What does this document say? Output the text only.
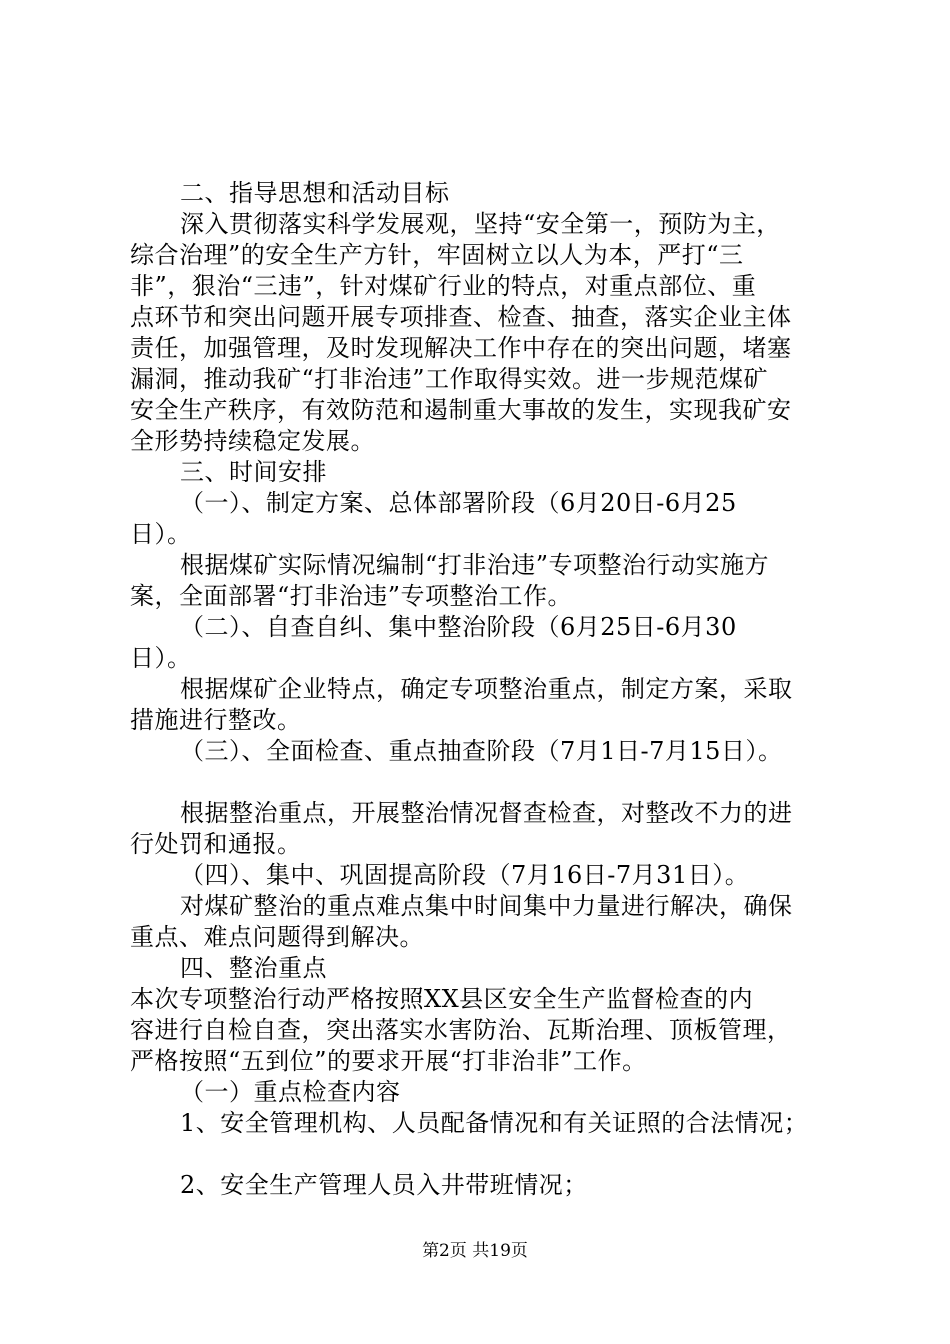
二、指导思想和活动目标
深入贯彻落实科学发展观，坚持“安全第一，预防为主，
综合治理”的安全生产方针，牢固树立以人为本，严打“三
非”，狠治“三违”，针对煤矿行业的特点，对重点部位、重
点环节和突出问题开展专项排查、检查、抽查，落实企业主体
责任，加强管理，及时发现解决工作中存在的突出问题，堵塞
漏洞，推动我矿“打非治违”工作取得实效。进一步规范煤矿
安全生产秩序，有效防范和遏制重大事故的发生，实现我矿安
全形势持续稳定发展。
三、时间安排
（一）、制定方案、总体部署阶段（6月20日-6月25
日）。
根据煤矿实际情况编制“打非治违”专项整治行动实施方
案，全面部署“打非治违”专项整治工作。
（二）、自查自纠、集中整治阶段（6月25日-6月30
日）。
根据煤矿企业特点，确定专项整治重点，制定方案，采取
措施进行整改。
（三）、全面检查、重点抽查阶段（7月1日-7月15日）。
根据整治重点，开展整治情况督查检查，对整改不力的进
行处罚和通报。
（四）、集中、巩固提高阶段（7月16日-7月31日）。
对煤矿整治的重点难点集中时间集中力量进行解决，确保
重点、难点问题得到解决。
四、整治重点
本次专项整治行动严格按照XX县区安全生产监督检查的内
容进行自检自查，突出落实水害防治、瓦斯治理、顶板管理，
严格按照“五到位”的要求开展“打非治非”工作。
（一）重点检查内容
1、安全管理机构、人员配备情况和有关证照的合法情况；
2、安全生产管理人员入井带班情况；
第2页 共19页
